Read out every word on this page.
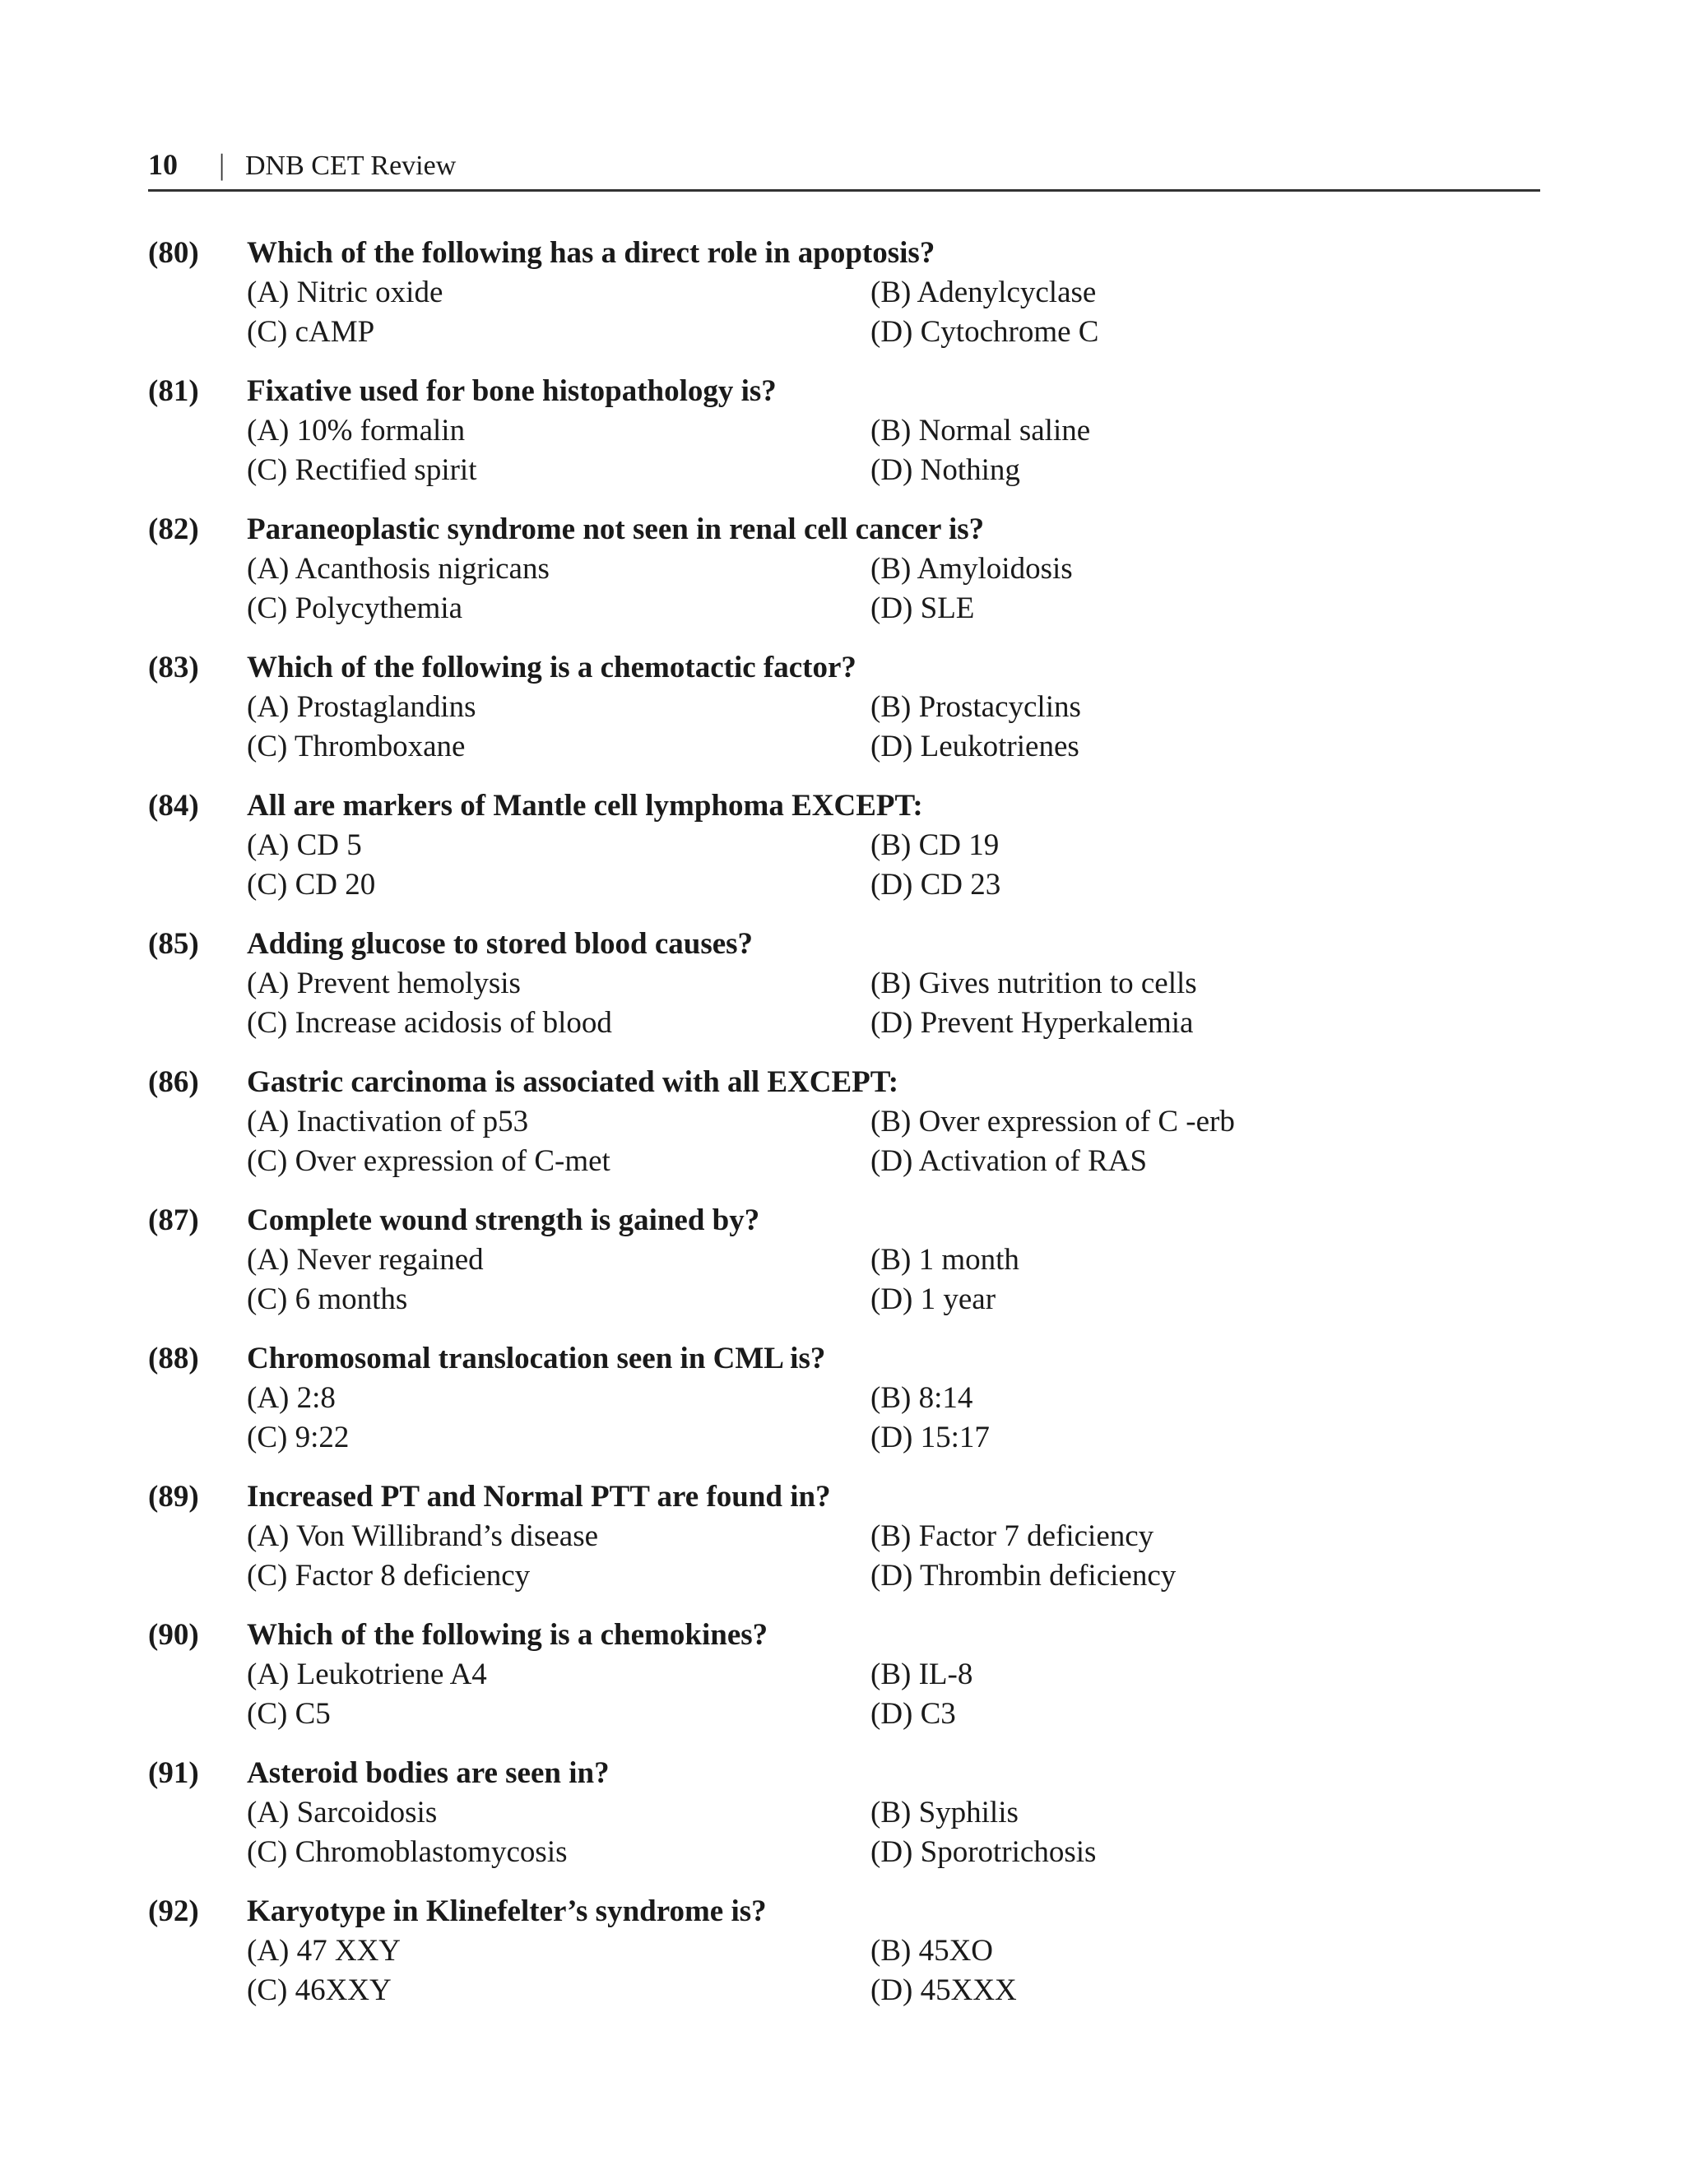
10 | DNB CET Review
(80) Which of the following has a direct role in apoptosis?
(A) Nitric oxide	(B) Adenylcyclase
(C) cAMP	(D) Cytochrome C
(81) Fixative used for bone histopathology is?
(A) 10% formalin	(B) Normal saline
(C) Rectified spirit	(D) Nothing
(82) Paraneoplastic syndrome not seen in renal cell cancer is?
(A) Acanthosis nigricans	(B) Amyloidosis
(C) Polycythemia	(D) SLE
(83) Which of the following is a chemotactic factor?
(A) Prostaglandins	(B) Prostacyclins
(C) Thromboxane	(D) Leukotrienes
(84) All are markers of Mantle cell lymphoma EXCEPT:
(A) CD 5	(B) CD 19
(C) CD 20	(D) CD 23
(85) Adding glucose to stored blood causes?
(A) Prevent hemolysis	(B) Gives nutrition to cells
(C) Increase acidosis of blood	(D) Prevent Hyperkalemia
(86) Gastric carcinoma is associated with all EXCEPT:
(A) Inactivation of p53	(B) Over expression of C -erb
(C) Over expression of C-met	(D) Activation of RAS
(87) Complete wound strength is gained by?
(A) Never regained	(B) 1 month
(C) 6 months	(D) 1 year
(88) Chromosomal translocation seen in CML is?
(A) 2:8	(B) 8:14
(C) 9:22	(D) 15:17
(89) Increased PT and Normal PTT are found in?
(A) Von Willibrand’s disease	(B) Factor 7 deficiency
(C) Factor 8 deficiency	(D) Thrombin deficiency
(90) Which of the following is a chemokines?
(A) Leukotriene A4	(B) IL-8
(C) C5	(D) C3
(91) Asteroid bodies are seen in?
(A) Sarcoidosis	(B) Syphilis
(C) Chromoblastomycosis	(D) Sporotrichosis
(92) Karyotype in Klinefelter’s syndrome is?
(A) 47 XXY	(B) 45XO
(C) 46XXY	(D) 45XXX
